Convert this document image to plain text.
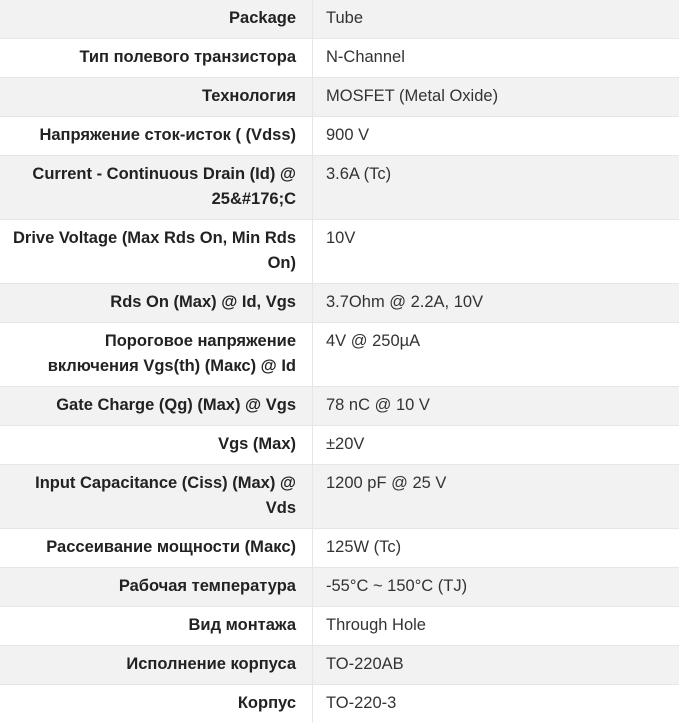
Package	Tube
Тип полевого транзистора	N-Channel
Технология	MOSFET (Metal Oxide)
Напряжение сток-исток ( (Vdss)	900 V
Current - Continuous Drain (Id) @ 25&#176;C	3.6A (Tc)
Drive Voltage (Max Rds On, Min Rds On)	10V
Rds On (Max) @ Id, Vgs	3.7Ohm @ 2.2A, 10V
Пороговое напряжение включения Vgs(th) (Макс) @ Id	4V @ 250µA
Gate Charge (Qg) (Max) @ Vgs	78 nC @ 10 V
Vgs (Max)	±20V
Input Capacitance (Ciss) (Max) @ Vds	1200 pF @ 25 V
Рассеивание мощности (Макс)	125W (Tc)
Рабочая температура	-55°C ~ 150°C (TJ)
Вид монтажа	Through Hole
Исполнение корпуса	TO-220AB
Корпус	TO-220-3
